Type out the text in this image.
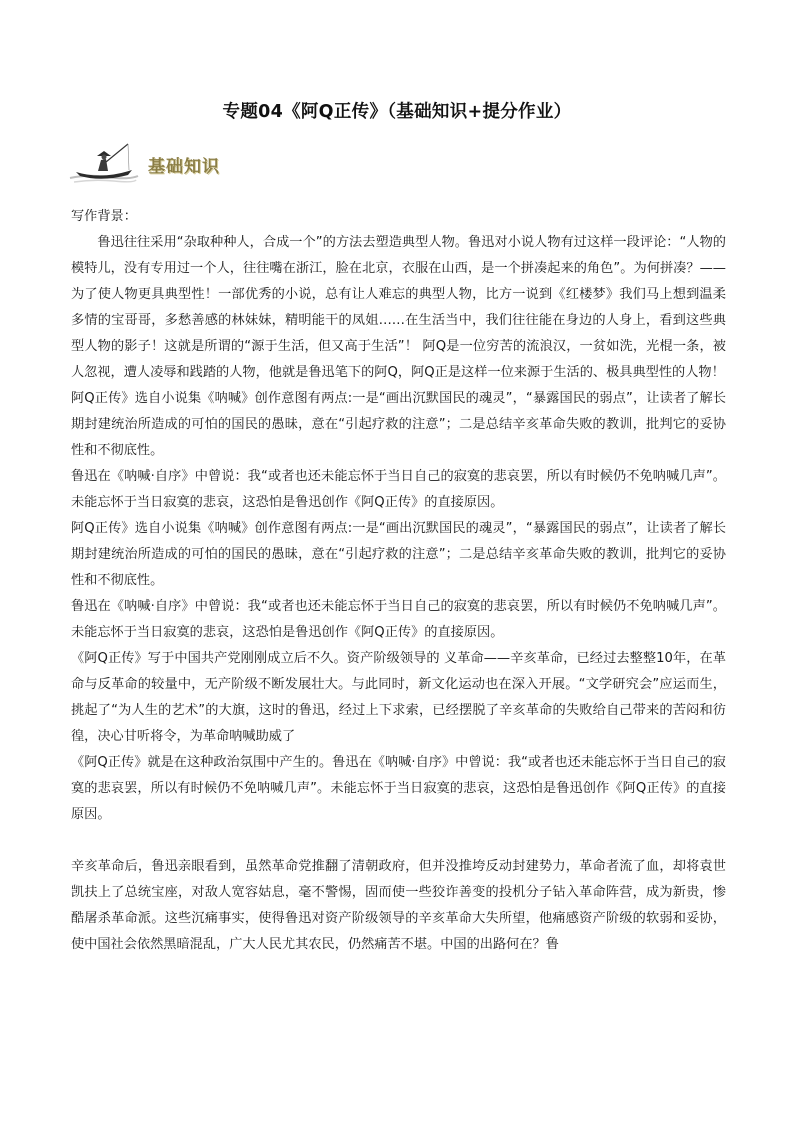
专题04《阿Q正传》（基础知识+提分作业）
基础知识

写作背景：

鲁迅往往采用“杂取种种人，合成一个”的方法去塑造典型人物。鲁迅对小说人物有过这样一段评论：“人物的模特儿，没有专用过一个人，往往嘴在浙江，脸在北京，衣服在山西，是一个拼凑起来的角色”。为何拼凑？——为了使人物更具典型性！一部优秀的小说，总有让人难忘的典型人物，比方一说到《红楼梦》我们马上想到温柔多情的宝哥哥，多愁善感的林妹妹，精明能干的凤姐……在生活当中，我们往往能在身边的人身上，看到这些典型人物的影子！这就是所谓的“源于生活，但又高于生活”！ 阿Q是一位穷苦的流浪汉，一贫如洗，光棍一条，被人忽视，遭人凌辱和践踏的人物，他就是鲁迅笔下的阿Q，阿Q正是这样一位来源于生活的、极具典型性的人物！

阿Q正传》选自小说集《呐喊》创作意图有两点:一是“画出沉默国民的魂灵”，“暴露国民的弱点”，让读者了解长期封建统治所造成的可怕的国民的愚昧，意在“引起疗救的注意”；二是总结辛亥革命失败的教训，批判它的妥协性和不彻底性。

鲁迅在《呐喊·自序》中曾说：我“或者也还未能忘怀于当日自己的寂寞的悲哀罢，所以有时候仍不免呐喊几声”。未能忘怀于当日寂寞的悲哀，这恐怕是鲁迅创作《阿Q正传》的直接原因。

阿Q正传》选自小说集《呐喊》创作意图有两点:一是“画出沉默国民的魂灵”，“暴露国民的弱点”，让读者了解长期封建统治所造成的可怕的国民的愚昧，意在“引起疗救的注意”；二是总结辛亥革命失败的教训，批判它的妥协性和不彻底性。

鲁迅在《呐喊·自序》中曾说：我“或者也还未能忘怀于当日自己的寂寞的悲哀罢，所以有时候仍不免呐喊几声”。未能忘怀于当日寂寞的悲哀，这恐怕是鲁迅创作《阿Q正传》的直接原因。

《阿Q正传》写于中国共产党刚刚成立后不久。资产阶级领导的 义革命——辛亥革命，已经过去整整10年，在革命与反革命的较量中，无产阶级不断发展壮大。与此同时，新文化运动也在深入开展。“文学研究会”应运而生，挑起了“为人生的艺术”的大旗，这时的鲁迅，经过上下求索，已经摆脱了辛亥革命的失败给自己带来的苦闷和彷徨，决心甘听将令，为革命呐喊助威了

《阿Q正传》就是在这种政治氛围中产生的。鲁迅在《呐喊·自序》中曾说：我“或者也还未能忘怀于当日自己的寂寞的悲哀罢，所以有时候仍不免呐喊几声”。未能忘怀于当日寂寞的悲哀，这恐怕是鲁迅创作《阿Q正传》的直接原因。

辛亥革命后，鲁迅亲眼看到，虽然革命党推翻了清朝政府，但并没推垮反动封建势力，革命者流了血，却将袁世凯扶上了总统宝座，对敌人宽容姑息，毫不警惕，固而使一些狡诈善变的投机分子钻入革命阵营，成为新贵，惨酷屠杀革命派。这些沉痛事实，使得鲁迅对资产阶级领导的辛亥革命大失所望，他痛感资产阶级的软弱和妥协，使中国社会依然黑暗混乱，广大人民尤其农民，仍然痛苦不堪。中国的出路何在？鲁
